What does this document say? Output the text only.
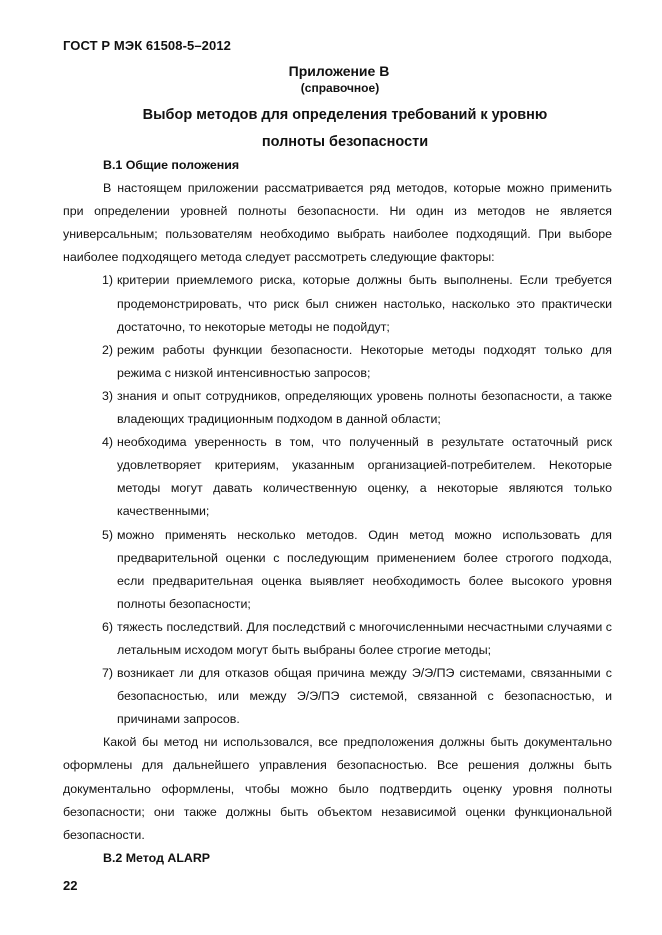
ГОСТ Р МЭК 61508-5–2012
Приложение В
(справочное)
Выбор методов для определения требований к уровню
полноты безопасности

В.1 Общие положения

В настоящем приложении рассматривается ряд методов, которые можно применить при определении уровней полноты безопасности. Ни один из методов не является универсальным; пользователям необходимо выбрать наиболее подходящий. При выборе наиболее подходящего метода следует рассмотреть следующие факторы:

1) критерии приемлемого риска, которые должны быть выполнены. Если требуется продемонстрировать, что риск был снижен настолько, насколько это практически достаточно, то некоторые методы не подойдут;
2) режим работы функции безопасности. Некоторые методы подходят только для режима с низкой интенсивностью запросов;
3) знания и опыт сотрудников, определяющих уровень полноты безопасности, а также владеющих традиционным подходом в данной области;
4) необходима уверенность в том, что полученный в результате остаточный риск удовлетворяет критериям, указанным организацией-потребителем. Некоторые методы могут давать количественную оценку, а некоторые являются только качественными;
5) можно применять несколько методов. Один метод можно использовать для предварительной оценки с последующим применением более строгого подхода, если предварительная оценка выявляет необходимость более высокого уровня полноты безопасности;
6) тяжесть последствий. Для последствий с многочисленными несчастными случаями с летальным исходом могут быть выбраны более строгие методы;
7) возникает ли для отказов общая причина между Э/Э/ПЭ системами, связанными с безопасностью, или между Э/Э/ПЭ системой, связанной с безопасностью, и причинами запросов.

Какой бы метод ни использовался, все предположения должны быть документально оформлены для дальнейшего управления безопасностью. Все решения должны быть документально оформлены, чтобы можно было подтвердить оценку уровня полноты безопасности; они также должны быть объектом независимой оценки функциональной безопасности.

В.2 Метод ALARP

22
